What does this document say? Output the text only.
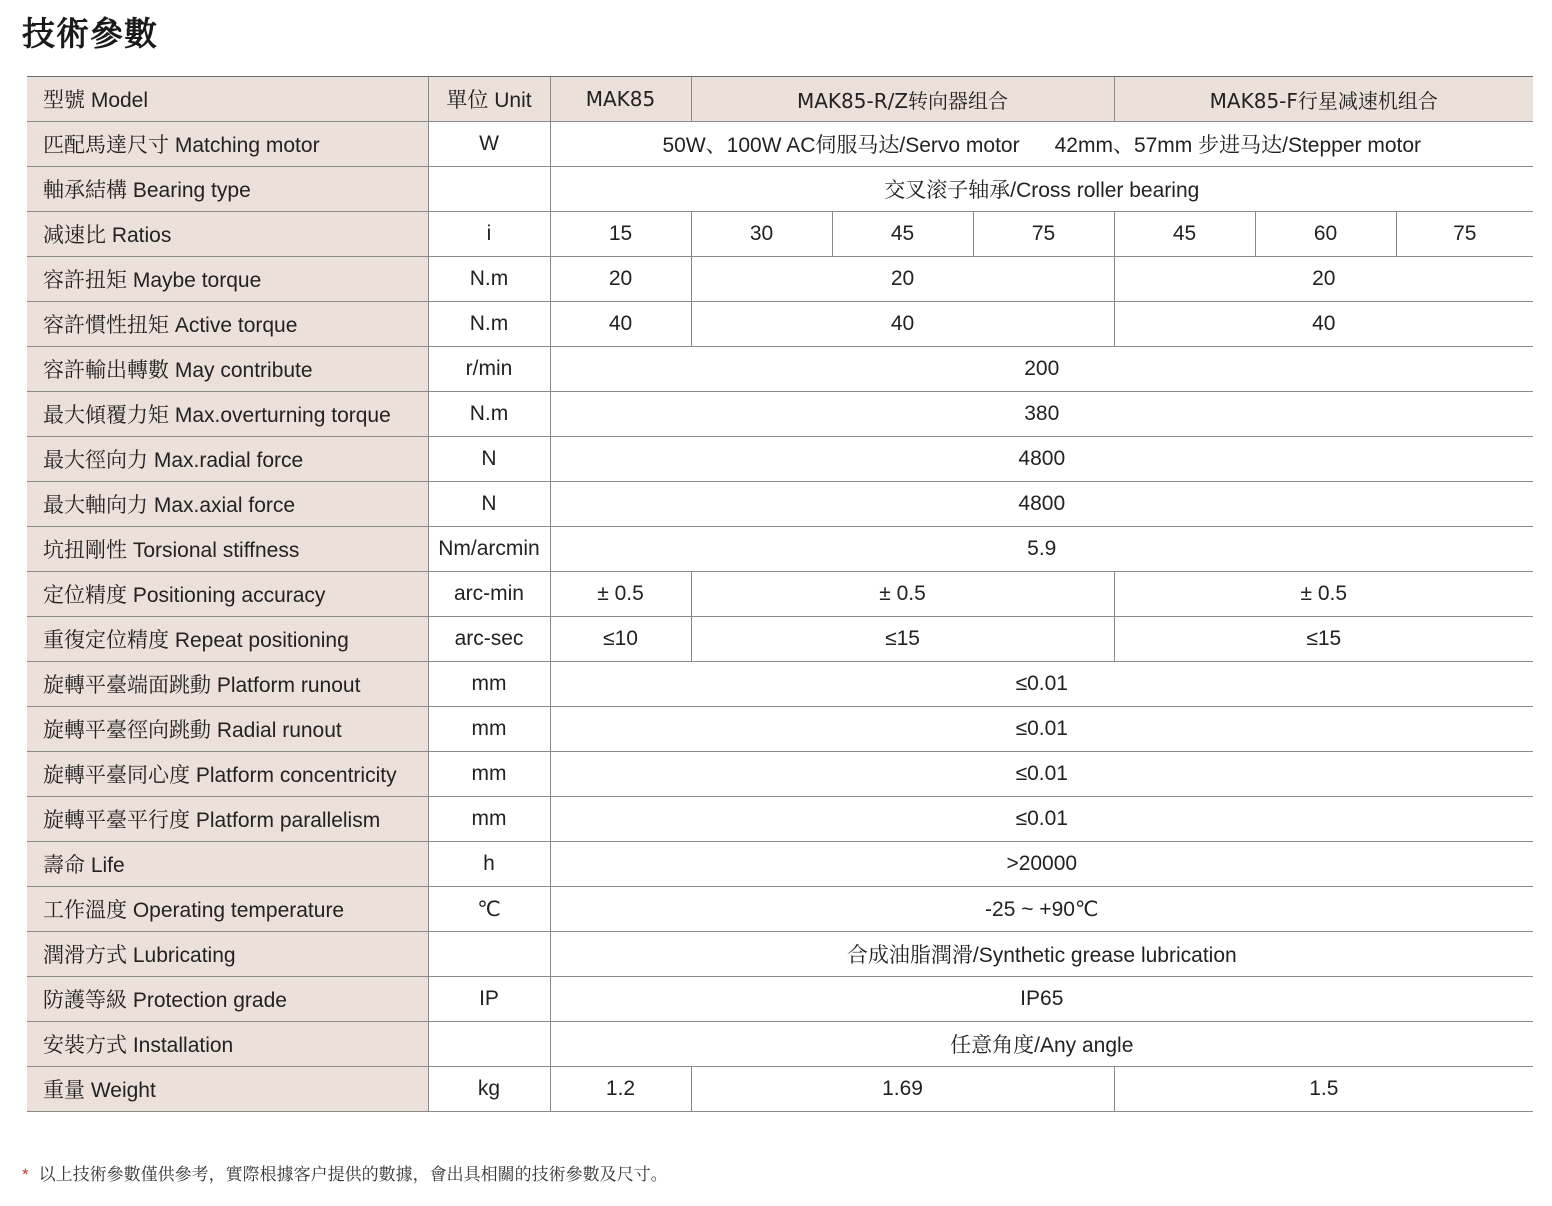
技術參數
型號 Model	單位 Unit	MAK85	MAK85-R/Z转向器组合			MAK85-F行星减速机组合		
匹配馬達尺寸 Matching motor	W	50W、100W AC伺服马达/Servo motor      42mm、57mm 步进马达/Stepper motor						
軸承結構 Bearing type		交叉滚子轴承/Cross roller bearing						
减速比 Ratios	i	15	30	45	75	45	60	75
容許扭矩 Maybe torque	N.m	20	20			20		
容許慣性扭矩 Active torque	N.m	40	40			40		
容許輸出轉數 May contribute	r/min	200						
最大傾覆力矩 Max.overturning torque	N.m	380						
最大徑向力 Max.radial force	N	4800						
最大軸向力 Max.axial force	N	4800						
坑扭剛性 Torsional stiffness	Nm/arcmin	5.9						
定位精度 Positioning accuracy	arc-min	± 0.5	± 0.5			± 0.5		
重復定位精度 Repeat positioning	arc-sec	≤10	≤15			≤15		
旋轉平臺端面跳動 Platform runout	mm	≤0.01						
旋轉平臺徑向跳動 Radial runout	mm	≤0.01						
旋轉平臺同心度 Platform concentricity	mm	≤0.01						
旋轉平臺平行度 Platform parallelism	mm	≤0.01						
壽命 Life	h	>20000						
工作溫度 Operating temperature	℃	-25 ~ +90℃						
潤滑方式 Lubricating		合成油脂潤滑/Synthetic grease lubrication						
防護等級 Protection grade	IP	IP65						
安裝方式 Installation		任意角度/Any angle						
重量 Weight	kg	1.2	1.69			1.5		
* 以上技術參數僅供參考，實際根據客户提供的數據，會出具相關的技術參數及尺寸。
